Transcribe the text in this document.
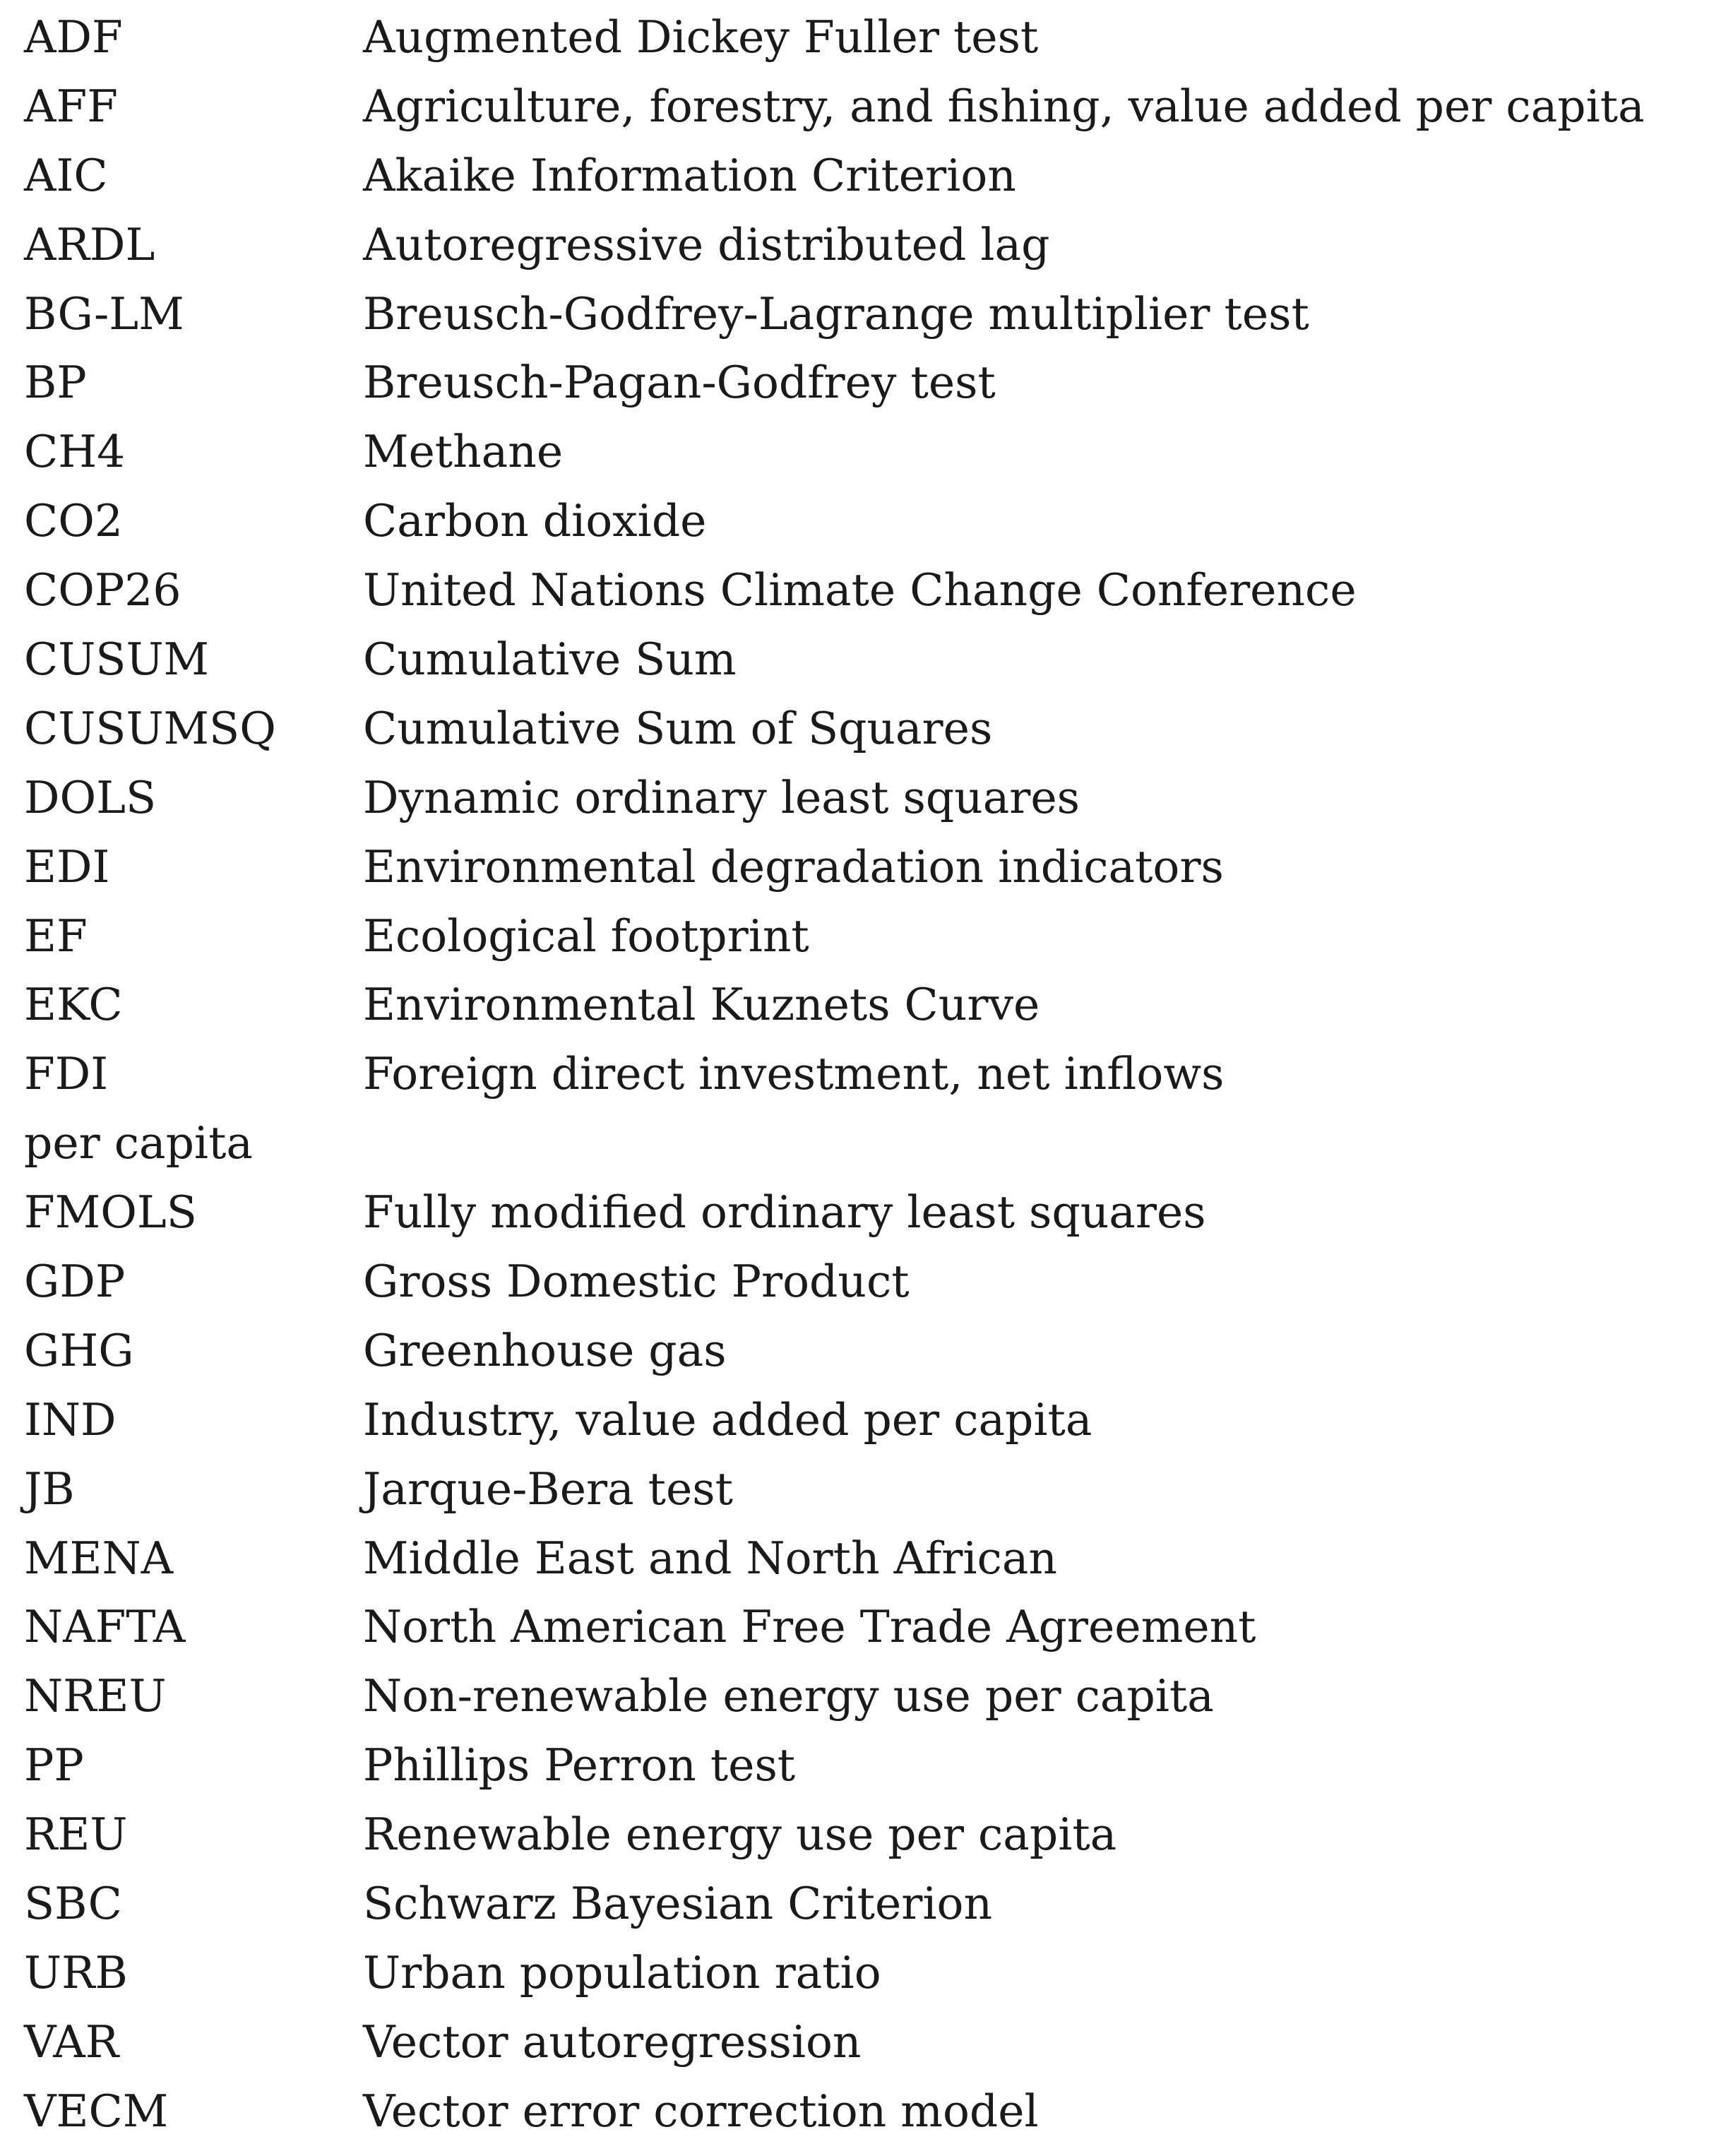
ADF	Augmented Dickey Fuller test
AFF	Agriculture, forestry, and fishing, value added per capita
AIC	Akaike Information Criterion
ARDL	Autoregressive distributed lag
BG-LM	Breusch-Godfrey-Lagrange multiplier test
BP	Breusch-Pagan-Godfrey test
CH4	Methane
CO2	Carbon dioxide
COP26	United Nations Climate Change Conference
CUSUM	Cumulative Sum
CUSUMSQ Cumulative Sum of Squares
DOLS	Dynamic ordinary least squares
EDI	Environmental degradation indicators
EF	Ecological footprint
EKC	Environmental Kuznets Curve
FDI	Foreign direct investment, net inflows
per capita
FMOLS	Fully modified ordinary least squares
GDP	Gross Domestic Product
GHG	Greenhouse gas
IND	Industry, value added per capita
JB	Jarque-Bera test
MENA	Middle East and North African
NAFTA	North American Free Trade Agreement
NREU	Non-renewable energy use per capita
PP	Phillips Perron test
REU	Renewable energy use per capita
SBC	Schwarz Bayesian Criterion
URB	Urban population ratio
VAR	Vector autoregression
VECM	Vector error correction model
